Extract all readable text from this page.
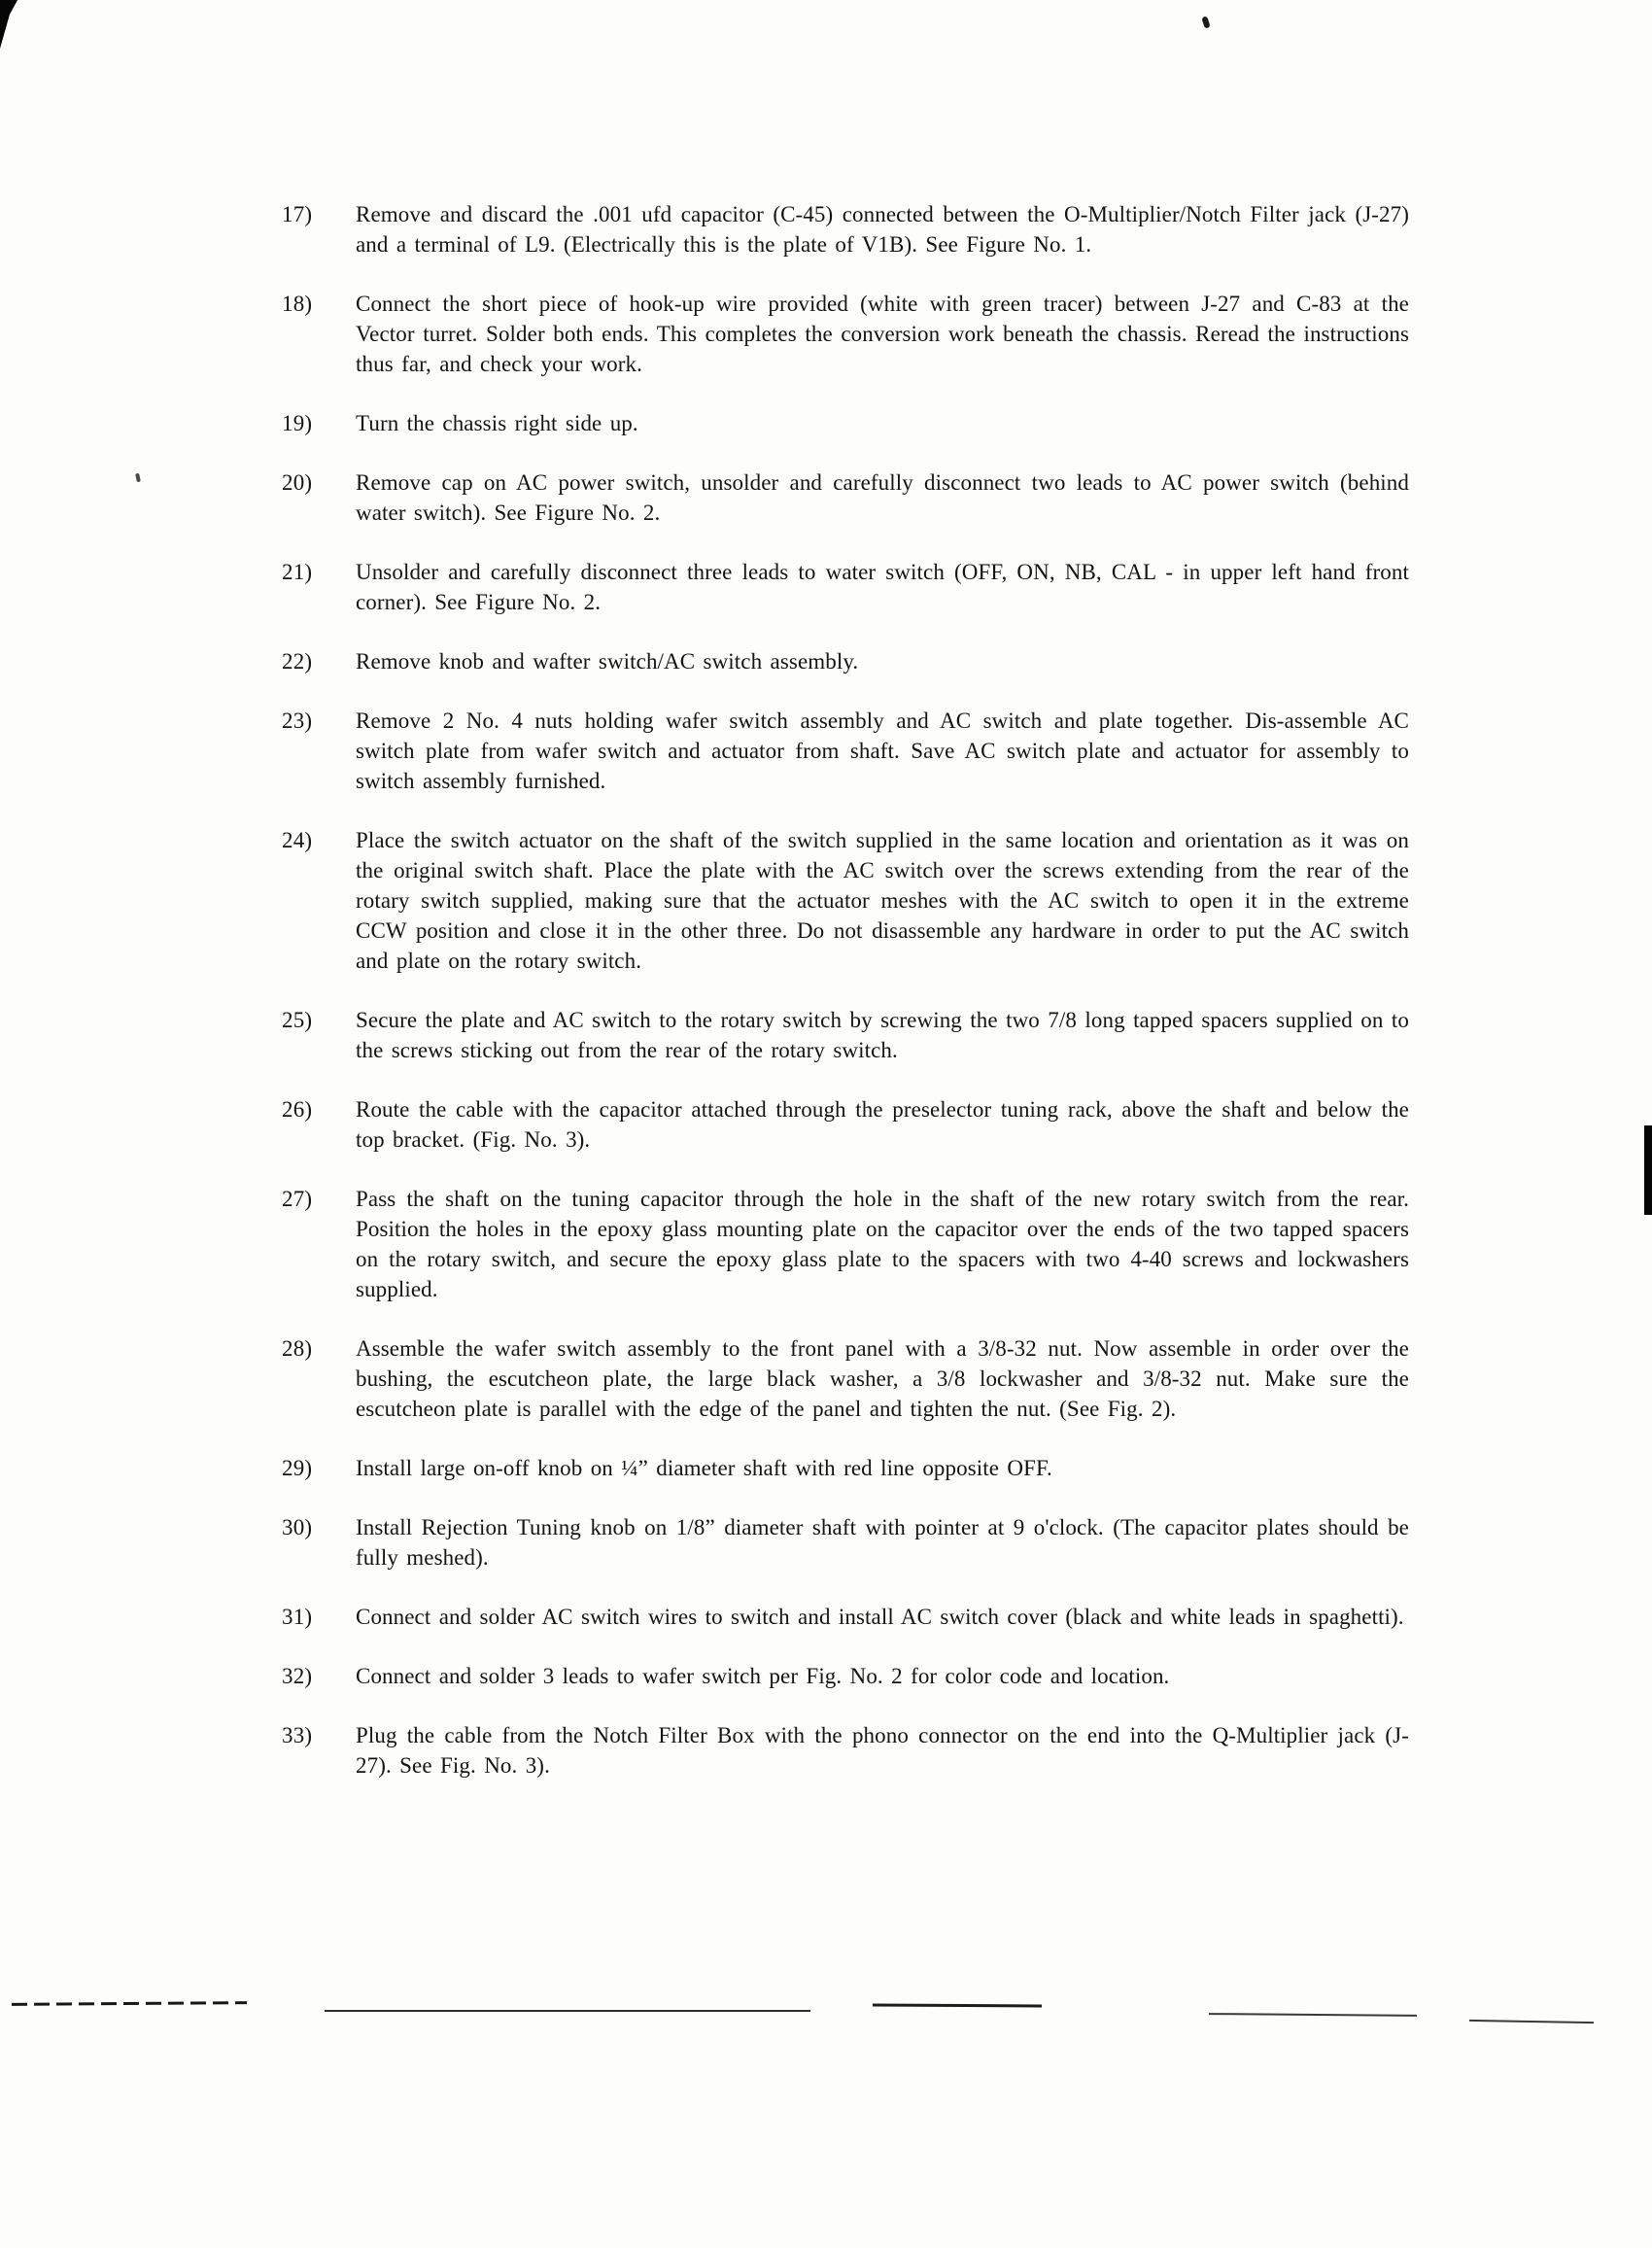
17)	Remove and discard the .001 ufd capacitor (C-45) connected between the O-Multiplier/Notch Filter jack (J-27) and a terminal of L9. (Electrically this is the plate of V1B). See Figure No. 1.
18)	Connect the short piece of hook-up wire provided (white with green tracer) between J-27 and C-83 at the Vector turret. Solder both ends. This completes the conversion work beneath the chassis. Reread the instructions thus far, and check your work.
19)	Turn the chassis right side up.
20)	Remove cap on AC power switch, unsolder and carefully disconnect two leads to AC power switch (behind water switch). See Figure No. 2.
21)	Unsolder and carefully disconnect three leads to water switch (OFF, ON, NB, CAL - in upper left hand front corner). See Figure No. 2.
22)	Remove knob and wafter switch/AC switch assembly.
23)	Remove 2 No. 4 nuts holding wafer switch assembly and AC switch and plate together. Dis-assemble AC switch plate from wafer switch and actuator from shaft. Save AC switch plate and actuator for assembly to switch assembly furnished.
24)	Place the switch actuator on the shaft of the switch supplied in the same location and orientation as it was on the original switch shaft. Place the plate with the AC switch over the screws extending from the rear of the rotary switch supplied, making sure that the actuator meshes with the AC switch to open it in the extreme CCW position and close it in the other three. Do not disassemble any hardware in order to put the AC switch and plate on the rotary switch.
25)	Secure the plate and AC switch to the rotary switch by screwing the two 7/8 long tapped spacers supplied on to the screws sticking out from the rear of the rotary switch.
26)	Route the cable with the capacitor attached through the preselector tuning rack, above the shaft and below the top bracket. (Fig. No. 3).
27)	Pass the shaft on the tuning capacitor through the hole in the shaft of the new rotary switch from the rear. Position the holes in the epoxy glass mounting plate on the capacitor over the ends of the two tapped spacers on the rotary switch, and secure the epoxy glass plate to the spacers with two 4-40 screws and lockwashers supplied.
28)	Assemble the wafer switch assembly to the front panel with a 3/8-32 nut. Now assemble in order over the bushing, the escutcheon plate, the large black washer, a 3/8 lockwasher and 3/8-32 nut. Make sure the escutcheon plate is parallel with the edge of the panel and tighten the nut. (See Fig. 2).
29)	Install large on-off knob on ¼” diameter shaft with red line opposite OFF.
30)	Install Rejection Tuning knob on 1/8” diameter shaft with pointer at 9 o'clock. (The capacitor plates should be fully meshed).
31)	Connect and solder AC switch wires to switch and install AC switch cover (black and white leads in spaghetti).
32)	Connect and solder 3 leads to wafer switch per Fig. No. 2 for color code and location.
33)	Plug the cable from the Notch Filter Box with the phono connector on the end into the Q-Multiplier jack (J-27). See Fig. No. 3).
